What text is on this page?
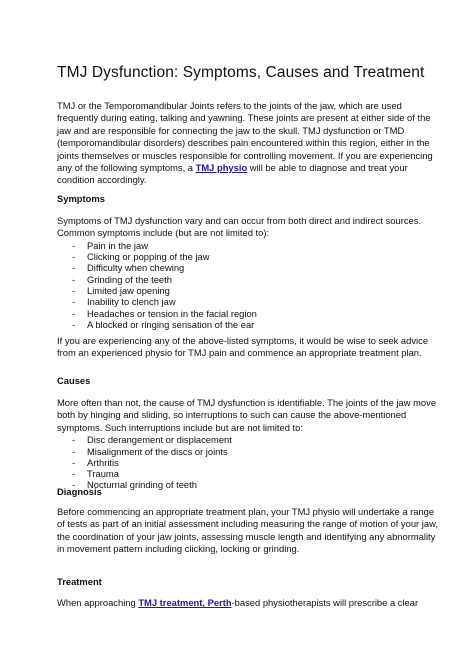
TMJ Dysfunction: Symptoms, Causes and Treatment
TMJ or the Temporomandibular Joints refers to the joints of the jaw, which are used
frequently during eating, talking and yawning. These joints are present at either side of the
jaw and are responsible for connecting the jaw to the skull. TMJ dysfunction or TMD
(temporomandibular disorders) describes pain encountered within this region, either in the
joints themselves or muscles responsible for controlling movement. If you are experiencing
any of the following symptoms, a TMJ physio will be able to diagnose and treat your
condition accordingly.
Symptoms
Symptoms of TMJ dysfunction vary and can occur from both direct and indirect sources.
Common symptoms include (but are not limited to):
- Pain in the jaw
- Clicking or popping of the jaw
- Difficulty when chewing
- Grinding of the teeth
- Limited jaw opening
- Inability to clench jaw
- Headaches or tension in the facial region
- A blocked or ringing sensation of the ear
If you are experiencing any of the above-listed symptoms, it would be wise to seek advice
from an experienced physio for TMJ pain and commence an appropriate treatment plan.
Causes
More often than not, the cause of TMJ dysfunction is identifiable. The joints of the jaw move
both by hinging and sliding, so interruptions to such can cause the above-mentioned
symptoms. Such interruptions include but are not limited to:
- Disc derangement or displacement
- Misalignment of the discs or joints
- Arthritis
- Trauma
- Nocturnal grinding of teeth
Diagnosis
Before commencing an appropriate treatment plan, your TMJ physio will undertake a range
of tests as part of an initial assessment including measuring the range of motion of your jaw,
the coordination of your jaw joints, assessing muscle length and identifying any abnormality
in movement pattern including clicking, locking or grinding.
Treatment
When approaching TMJ treatment, Perth-based physiotherapists will prescribe a clear
